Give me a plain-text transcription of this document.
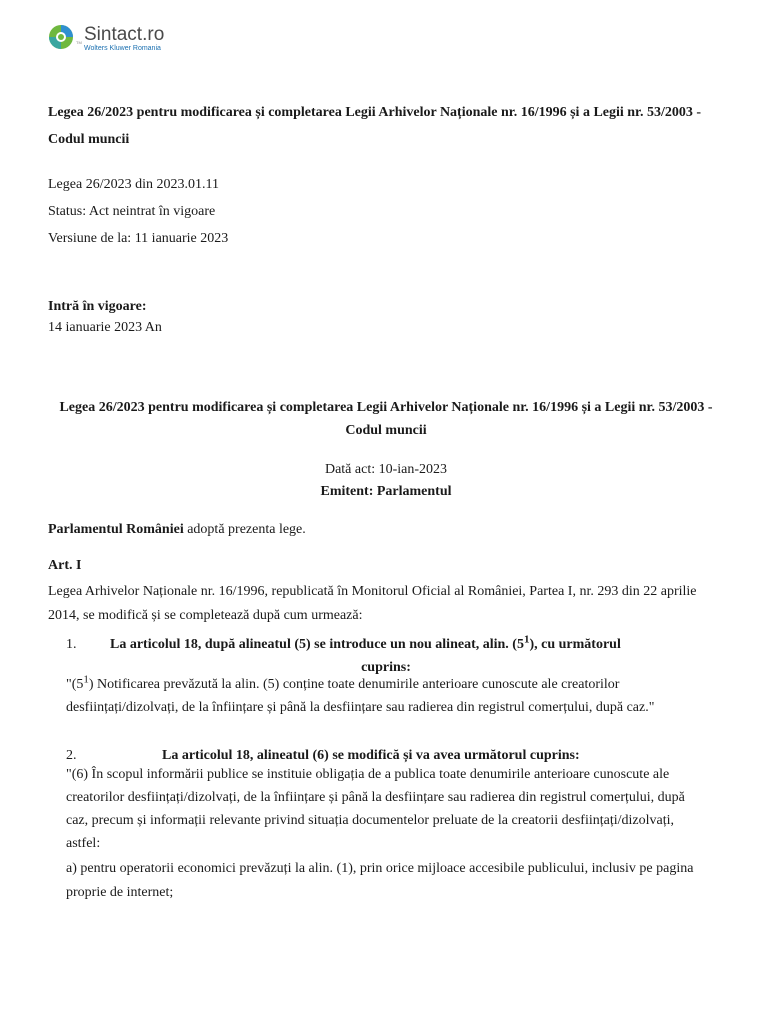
TM Sintact.ro
Wolters Kluwer Romania
Legea 26/2023 pentru modificarea și completarea Legii Arhivelor Naționale nr. 16/1996 și a Legii nr. 53/2003 - Codul muncii
Legea 26/2023 din 2023.01.11
Status: Act neintrat în vigoare
Versiune de la: 11 ianuarie 2023
Intră în vigoare:
14 ianuarie 2023 An
Legea 26/2023 pentru modificarea și completarea Legii Arhivelor Naționale nr. 16/1996 și a Legii nr. 53/2003 - Codul muncii
Dată act: 10-ian-2023
Emitent: Parlamentul
Parlamentul României adoptă prezenta lege.
Art. I
Legea Arhivelor Naționale nr. 16/1996, republicată în Monitorul Oficial al României, Partea I, nr. 293 din 22 aprilie 2014, se modifică și se completează după cum urmează:
1. La articolul 18, după alineatul (5) se introduce un nou alineat, alin. $(5^1)$, cu următorul
cuprins:
"$(5^1)$ Notificarea prevăzută la alin. (5) conține toate denumirile anterioare cunoscute ale creatorilor desființați/dizolvați, de la înființare și până la desființare sau radierea din registrul comerțului, după caz."
2.	La articolul 18, alineatul (6) se modifică și va avea următorul cuprins:
"(6) În scopul informării publice se instituie obligația de a publica toate denumirile anterioare cunoscute ale creatorilor desființați/dizolvați, de la înființare și până la desființare sau radierea din registrul comerțului, după caz, precum și informații relevante privind situația documentelor preluate de la creatorii desființați/dizolvați, astfel:
a) pentru operatorii economici prevăzuți la alin. (1), prin orice mijloace accesibile publicului, inclusiv pe pagina proprie de internet;
